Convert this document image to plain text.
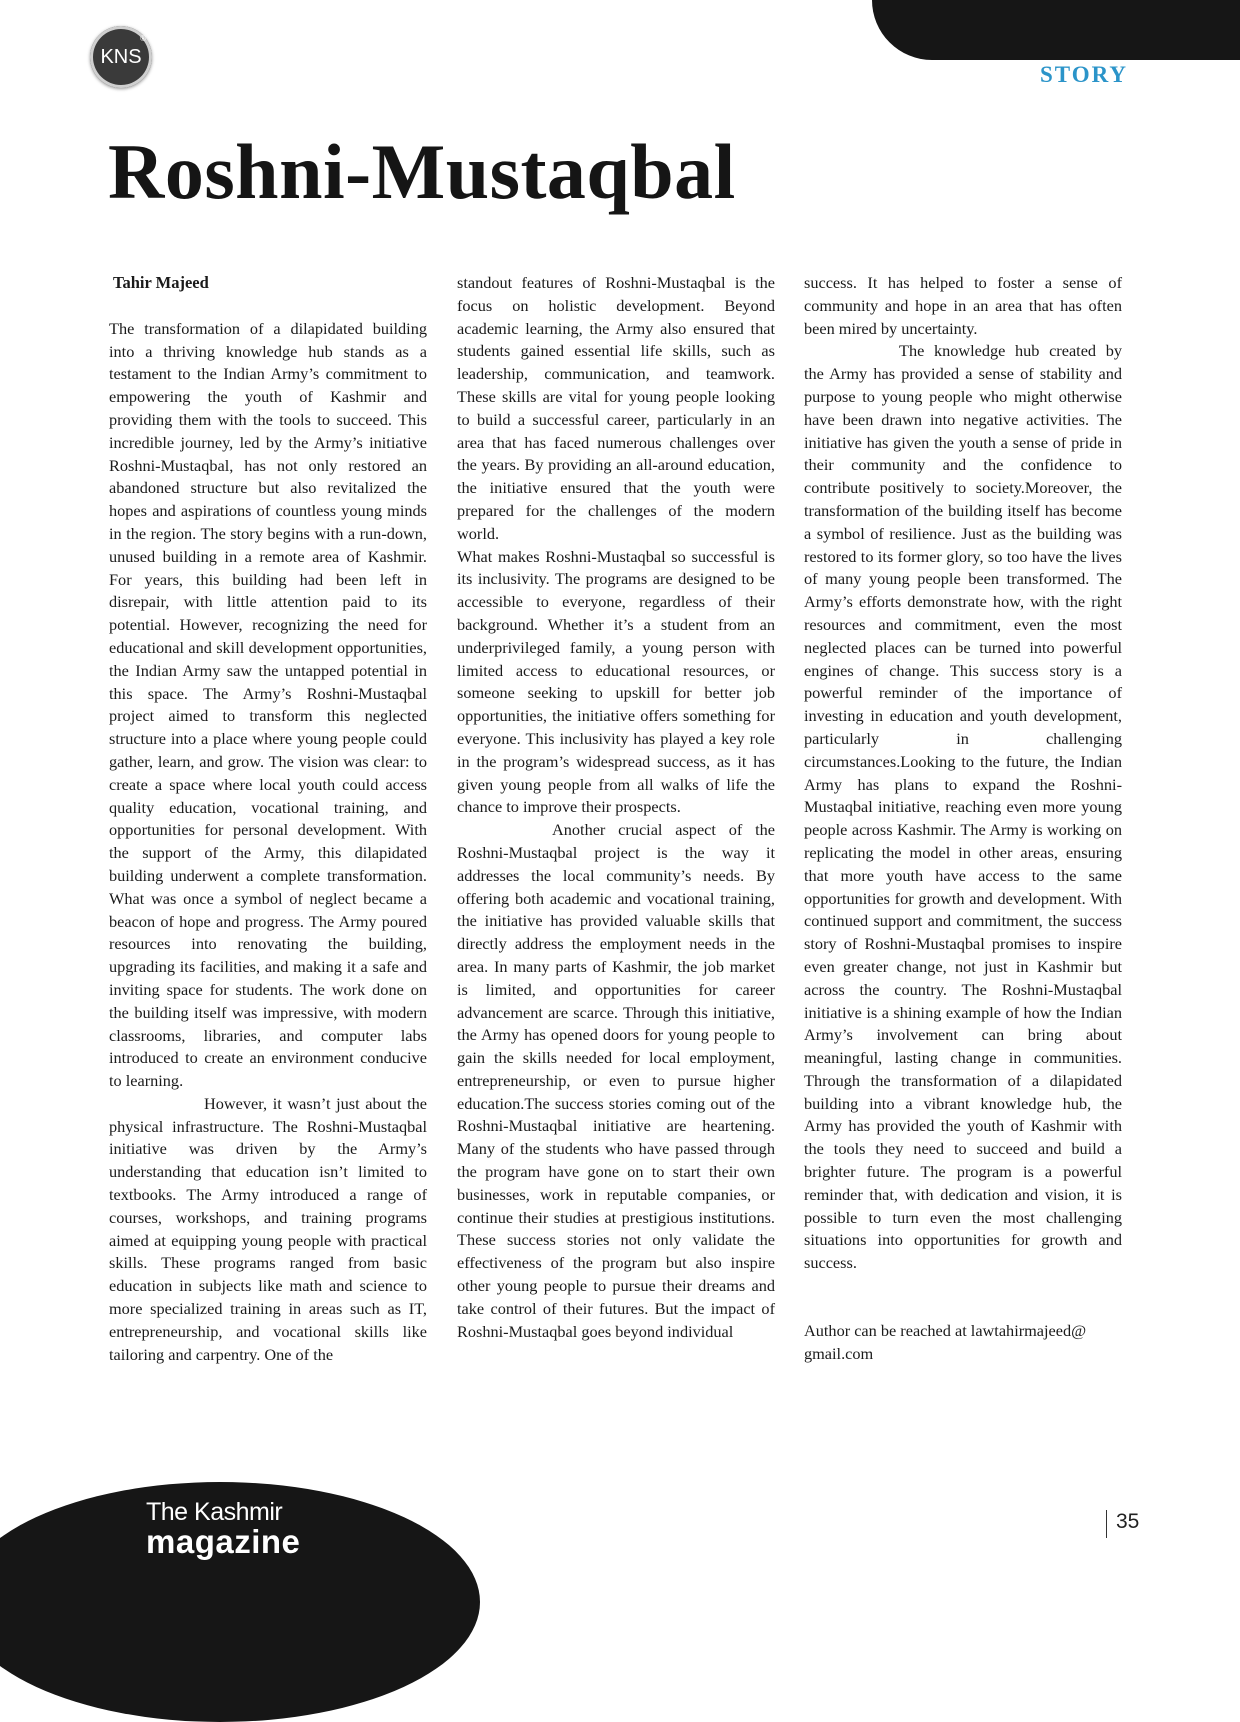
KNS
®
STORY
Roshni-Mustaqbal
Tahir Majeed

The transformation of a dilapidated building into a thriving knowledge hub stands as a testament to the Indian Army’s commitment to empowering the youth of Kashmir and providing them with the tools to succeed. This incredible journey, led by the Army’s initiative Roshni-Mustaqbal, has not only restored an abandoned structure but also revitalized the hopes and aspirations of countless young minds in the region. The story begins with a run-down, unused building in a remote area of Kashmir. For years, this building had been left in disrepair, with little attention paid to its potential. However, recognizing the need for educational and skill development opportunities, the Indian Army saw the untapped potential in this space. The Army’s Roshni-Mustaqbal project aimed to transform this neglected structure into a place where young people could gather, learn, and grow. The vision was clear: to create a space where local youth could access quality education, vocational training, and opportunities for personal development. With the support of the Army, this dilapidated building underwent a complete transformation. What was once a symbol of neglect became a beacon of hope and progress. The Army poured resources into renovating the building, upgrading its facilities, and making it a safe and inviting space for students. The work done on the building itself was impressive, with modern classrooms, libraries, and computer labs introduced to create an environment conducive to learning.

However, it wasn’t just about the physical infrastructure. The Roshni-Mustaqbal initiative was driven by the Army’s understanding that education isn’t limited to textbooks. The Army introduced a range of courses, workshops, and training programs aimed at equipping young people with practical skills. These programs ranged from basic education in subjects like math and science to more specialized training in areas such as IT, entrepreneurship, and vocational skills like tailoring and carpentry. One of the

standout features of Roshni-Mustaqbal is the focus on holistic development. Beyond academic learning, the Army also ensured that students gained essential life skills, such as leadership, communication, and teamwork. These skills are vital for young people looking to build a successful career, particularly in an area that has faced numerous challenges over the years. By providing an all-around education, the initiative ensured that the youth were prepared for the challenges of the modern world.

What makes Roshni-Mustaqbal so successful is its inclusivity. The programs are designed to be accessible to everyone, regardless of their background. Whether it’s a student from an underprivileged family, a young person with limited access to educational resources, or someone seeking to upskill for better job opportunities, the initiative offers something for everyone. This inclusivity has played a key role in the program’s widespread success, as it has given young people from all walks of life the chance to improve their prospects.

Another crucial aspect of the Roshni-Mustaqbal project is the way it addresses the local community’s needs. By offering both academic and vocational training, the initiative has provided valuable skills that directly address the employment needs in the area. In many parts of Kashmir, the job market is limited, and opportunities for career advancement are scarce. Through this initiative, the Army has opened doors for young people to gain the skills needed for local employment, entrepreneurship, or even to pursue higher education.The success stories coming out of the Roshni-Mustaqbal initiative are heartening. Many of the students who have passed through the program have gone on to start their own businesses, work in reputable companies, or continue their studies at prestigious institutions. These success stories not only validate the effectiveness of the program but also inspire other young people to pursue their dreams and take control of their futures. But the impact of Roshni-Mustaqbal goes beyond individual

success. It has helped to foster a sense of community and hope in an area that has often been mired by uncertainty.

The knowledge hub created by the Army has provided a sense of stability and purpose to young people who might otherwise have been drawn into negative activities. The initiative has given the youth a sense of pride in their community and the confidence to contribute positively to society.Moreover, the transformation of the building itself has become a symbol of resilience. Just as the building was restored to its former glory, so too have the lives of many young people been transformed. The Army’s efforts demonstrate how, with the right resources and commitment, even the most neglected places can be turned into powerful engines of change. This success story is a powerful reminder of the importance of investing in education and youth development, particularly in challenging circumstances.Looking to the future, the Indian Army has plans to expand the Roshni-Mustaqbal initiative, reaching even more young people across Kashmir. The Army is working on replicating the model in other areas, ensuring that more youth have access to the same opportunities for growth and development. With continued support and commitment, the success story of Roshni-Mustaqbal promises to inspire even greater change, not just in Kashmir but across the country. The Roshni-Mustaqbal initiative is a shining example of how the Indian Army’s involvement can bring about meaningful, lasting change in communities. Through the transformation of a dilapidated building into a vibrant knowledge hub, the Army has provided the youth of Kashmir with the tools they need to succeed and build a brighter future. The program is a powerful reminder that, with dedication and vision, it is possible to turn even the most challenging situations into opportunities for growth and success.

Author can be reached at lawtahirmajeed@ gmail.com

The Kashmir
magazine
35
